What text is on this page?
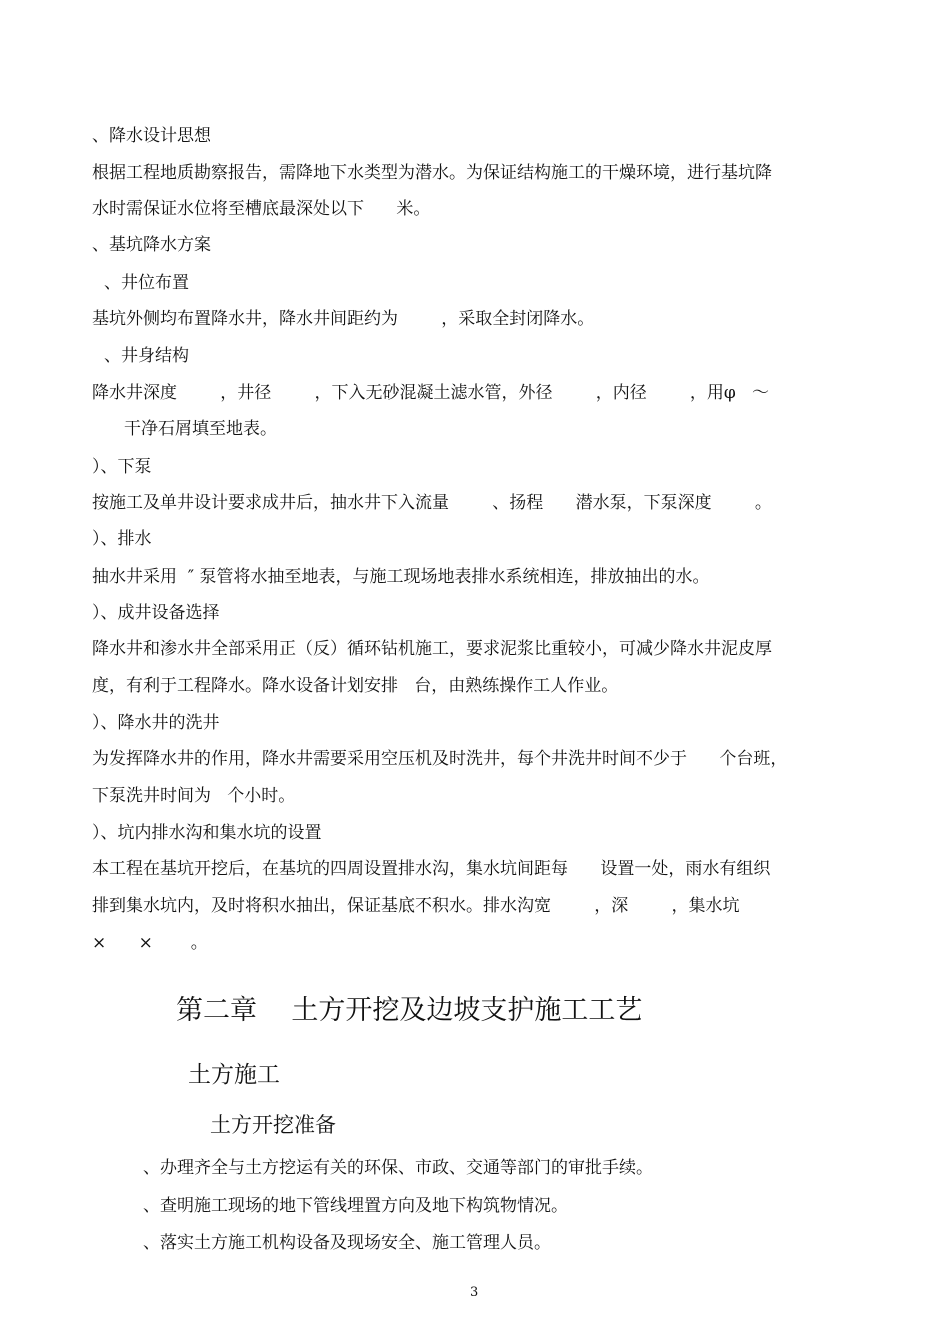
、降水设计思想
根据工程地质勘察报告，需降地下水类型为潜水。为保证结构施工的干燥环境，进行基坑降
水时需保证水位将至槽底最深处以下      米。
、基坑降水方案
、井位布置
基坑外侧均布置降水井，降水井间距约为        ，采取全封闭降水。
、井身结构
降水井深度        ，井径        ，下入无砂混凝土滤水管，外径        ，内径        ，用φ   ～
干净石屑填至地表。
）、下泵
按施工及单井设计要求成井后，抽水井下入流量        、扬程      潜水泵，下泵深度        。
）、排水
抽水井采用  ″ 泵管将水抽至地表，与施工现场地表排水系统相连，排放抽出的水。
）、成井设备选择
降水井和渗水井全部采用正（反）循环钻机施工，要求泥浆比重较小，可减少降水井泥皮厚
度，有利于工程降水。降水设备计划安排   台，由熟练操作工人作业。
）、降水井的洗井
为发挥降水井的作用，降水井需要采用空压机及时洗井，每个井洗井时间不少于      个台班，
下泵洗井时间为   个小时。
）、坑内排水沟和集水坑的设置
本工程在基坑开挖后，在基坑的四周设置排水沟，集水坑间距每      设置一处，雨水有组织
排到集水坑内，及时将积水抽出，保证基底不积水。排水沟宽        ，深        ，集水坑
×      ×       。
第二章    土方开挖及边坡支护施工工艺
土方施工
土方开挖准备
、办理齐全与土方挖运有关的环保、市政、交通等部门的审批手续。
、查明施工现场的地下管线埋置方向及地下构筑物情况。
、落实土方施工机构设备及现场安全、施工管理人员。
3
